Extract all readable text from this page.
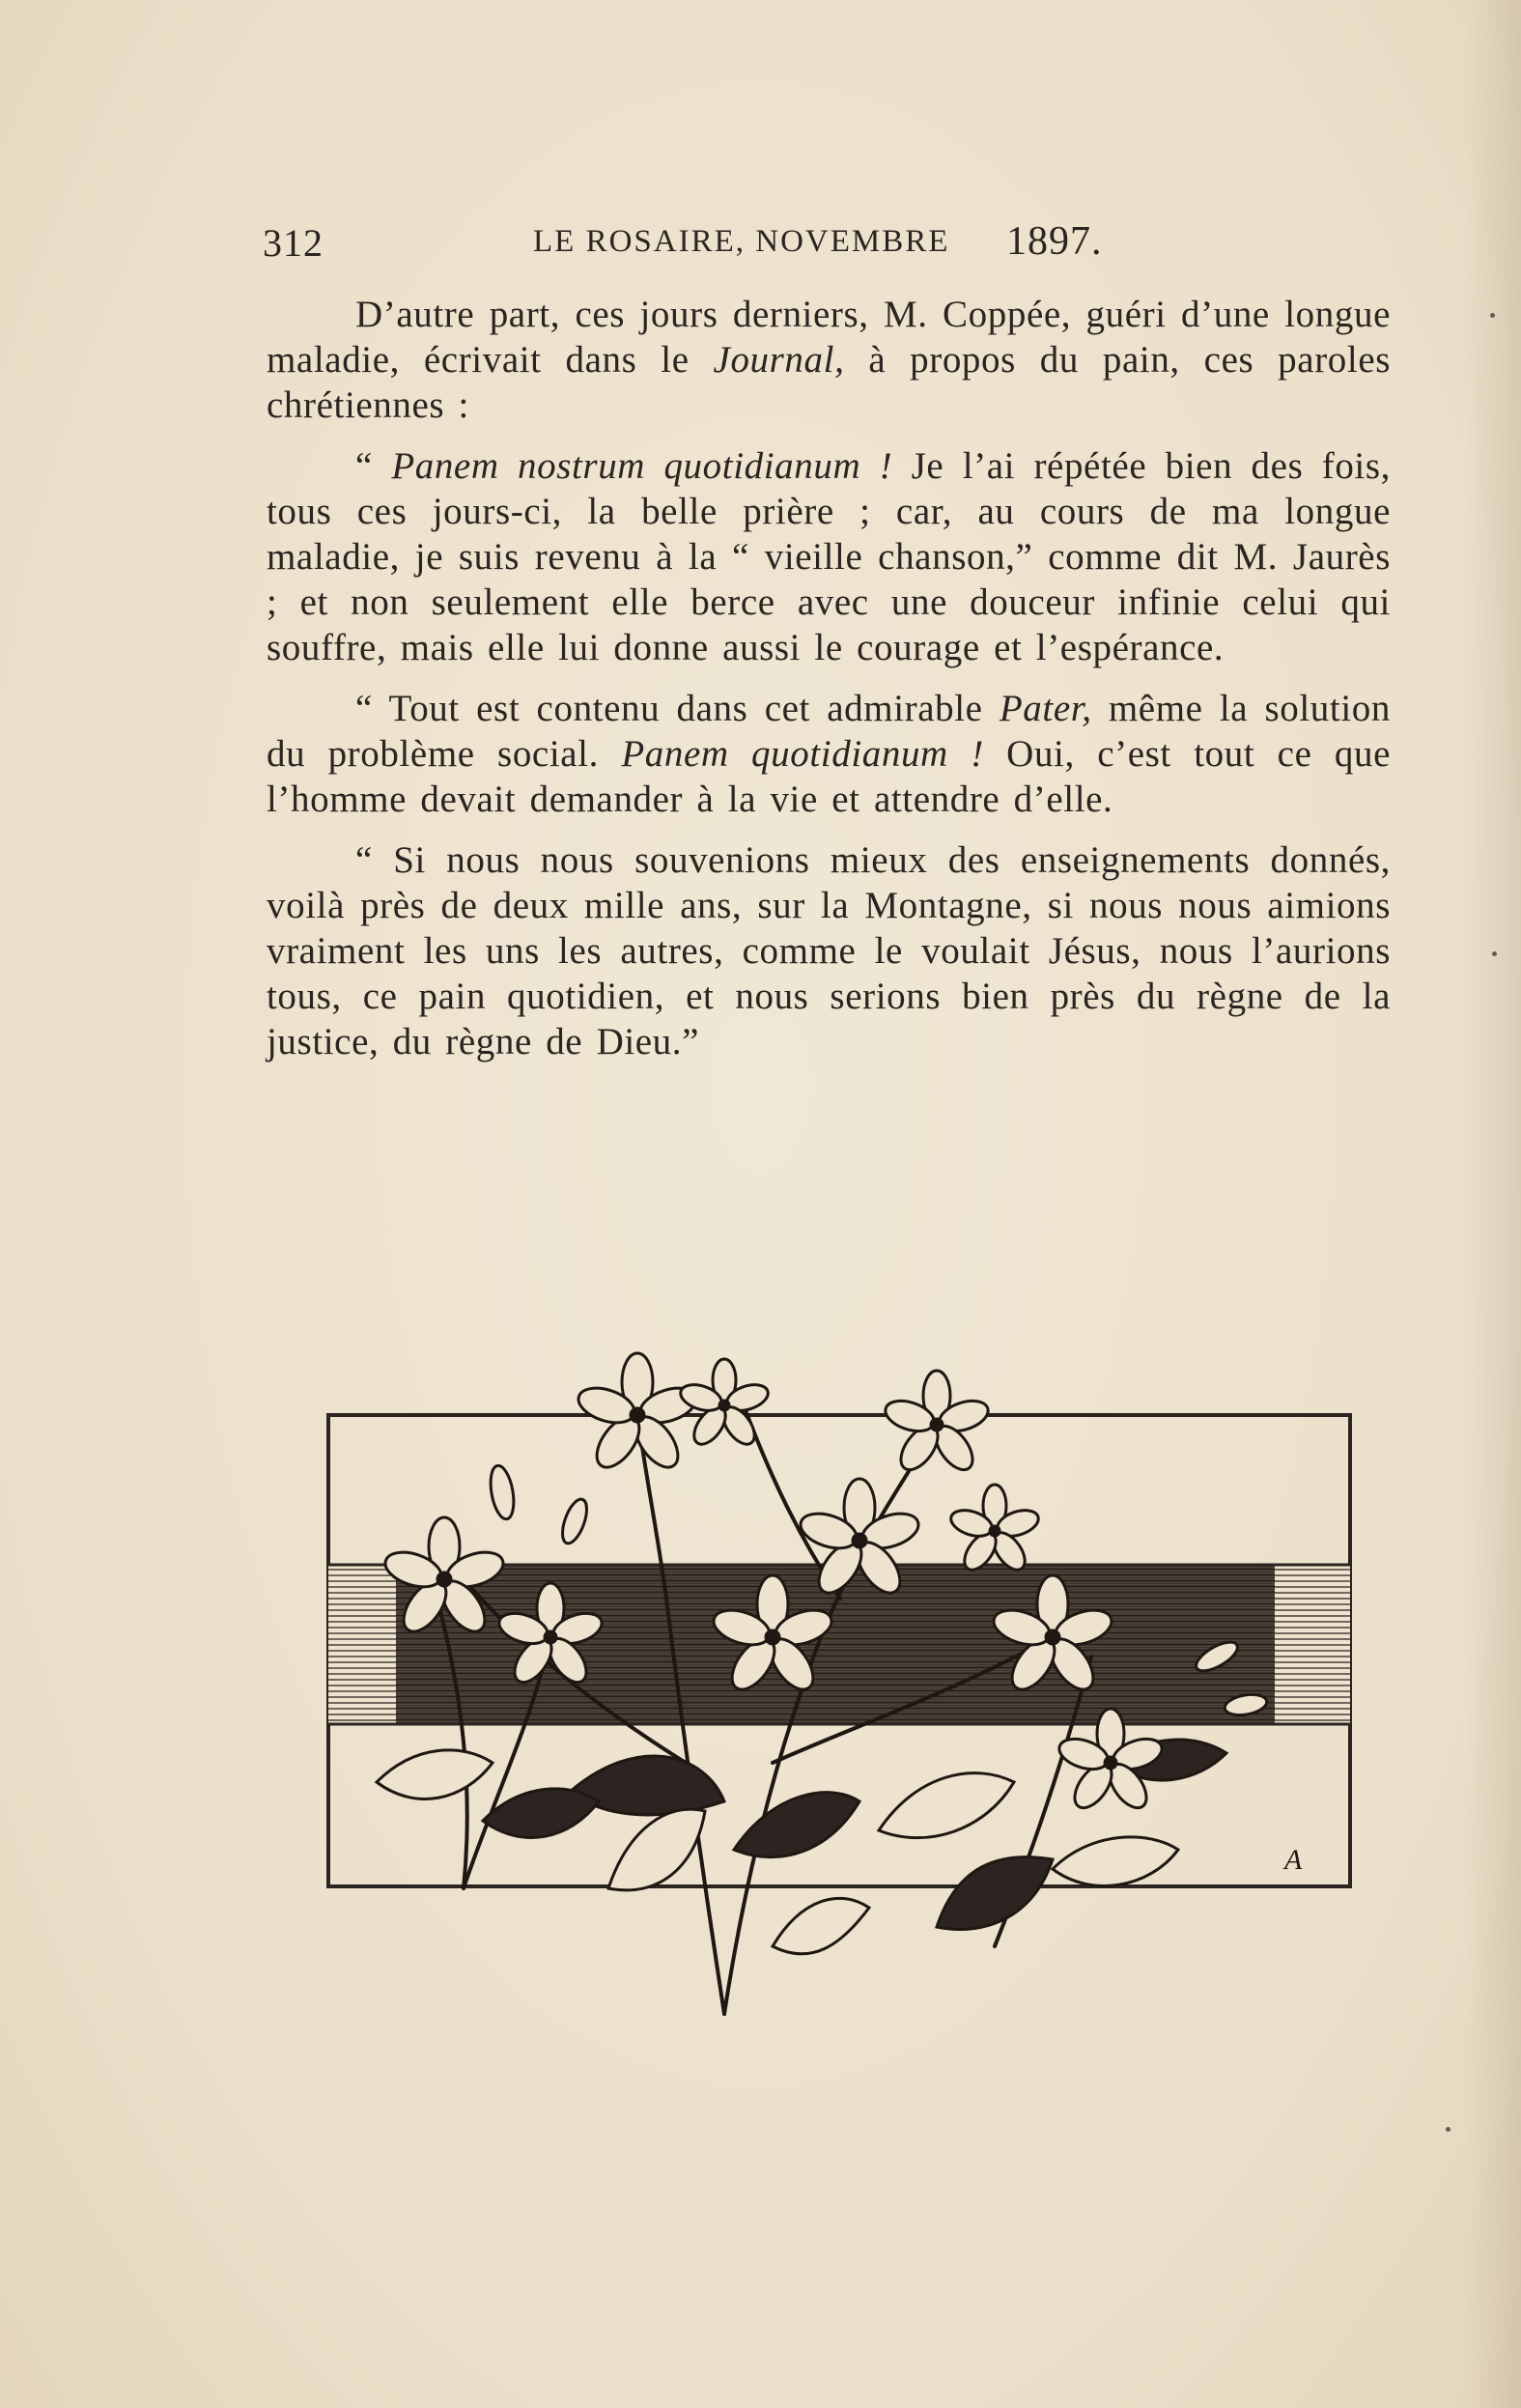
312	LE ROSAIRE, NOVEMBRE 1897.

D’autre part, ces jours derniers, M. Coppée, guéri d’une longue maladie, écrivait dans le Journal, à propos du pain, ces paroles chrétiennes :

“ Panem nostrum quotidianum ! Je l’ai répétée bien des fois, tous ces jours-ci, la belle prière ; car, au cours de ma longue maladie, je suis revenu à la “ vieille chanson,” comme dit M. Jaurès ; et non seulement elle berce avec une douceur infinie celui qui souffre, mais elle lui donne aussi le courage et l’espérance.

“ Tout est contenu dans cet admirable Pater, même la solution du problème social. Panem quotidianum ! Oui, c’est tout ce que l’homme devait demander à la vie et attendre d’elle.

“ Si nous nous souvenions mieux des enseignements donnés, voilà près de deux mille ans, sur la Montagne, si nous nous aimions vraiment les uns les autres, comme le voulait Jésus, nous l’aurions tous, ce pain quotidien, et nous serions bien près du règne de la justice, du règne de Dieu.”

A
